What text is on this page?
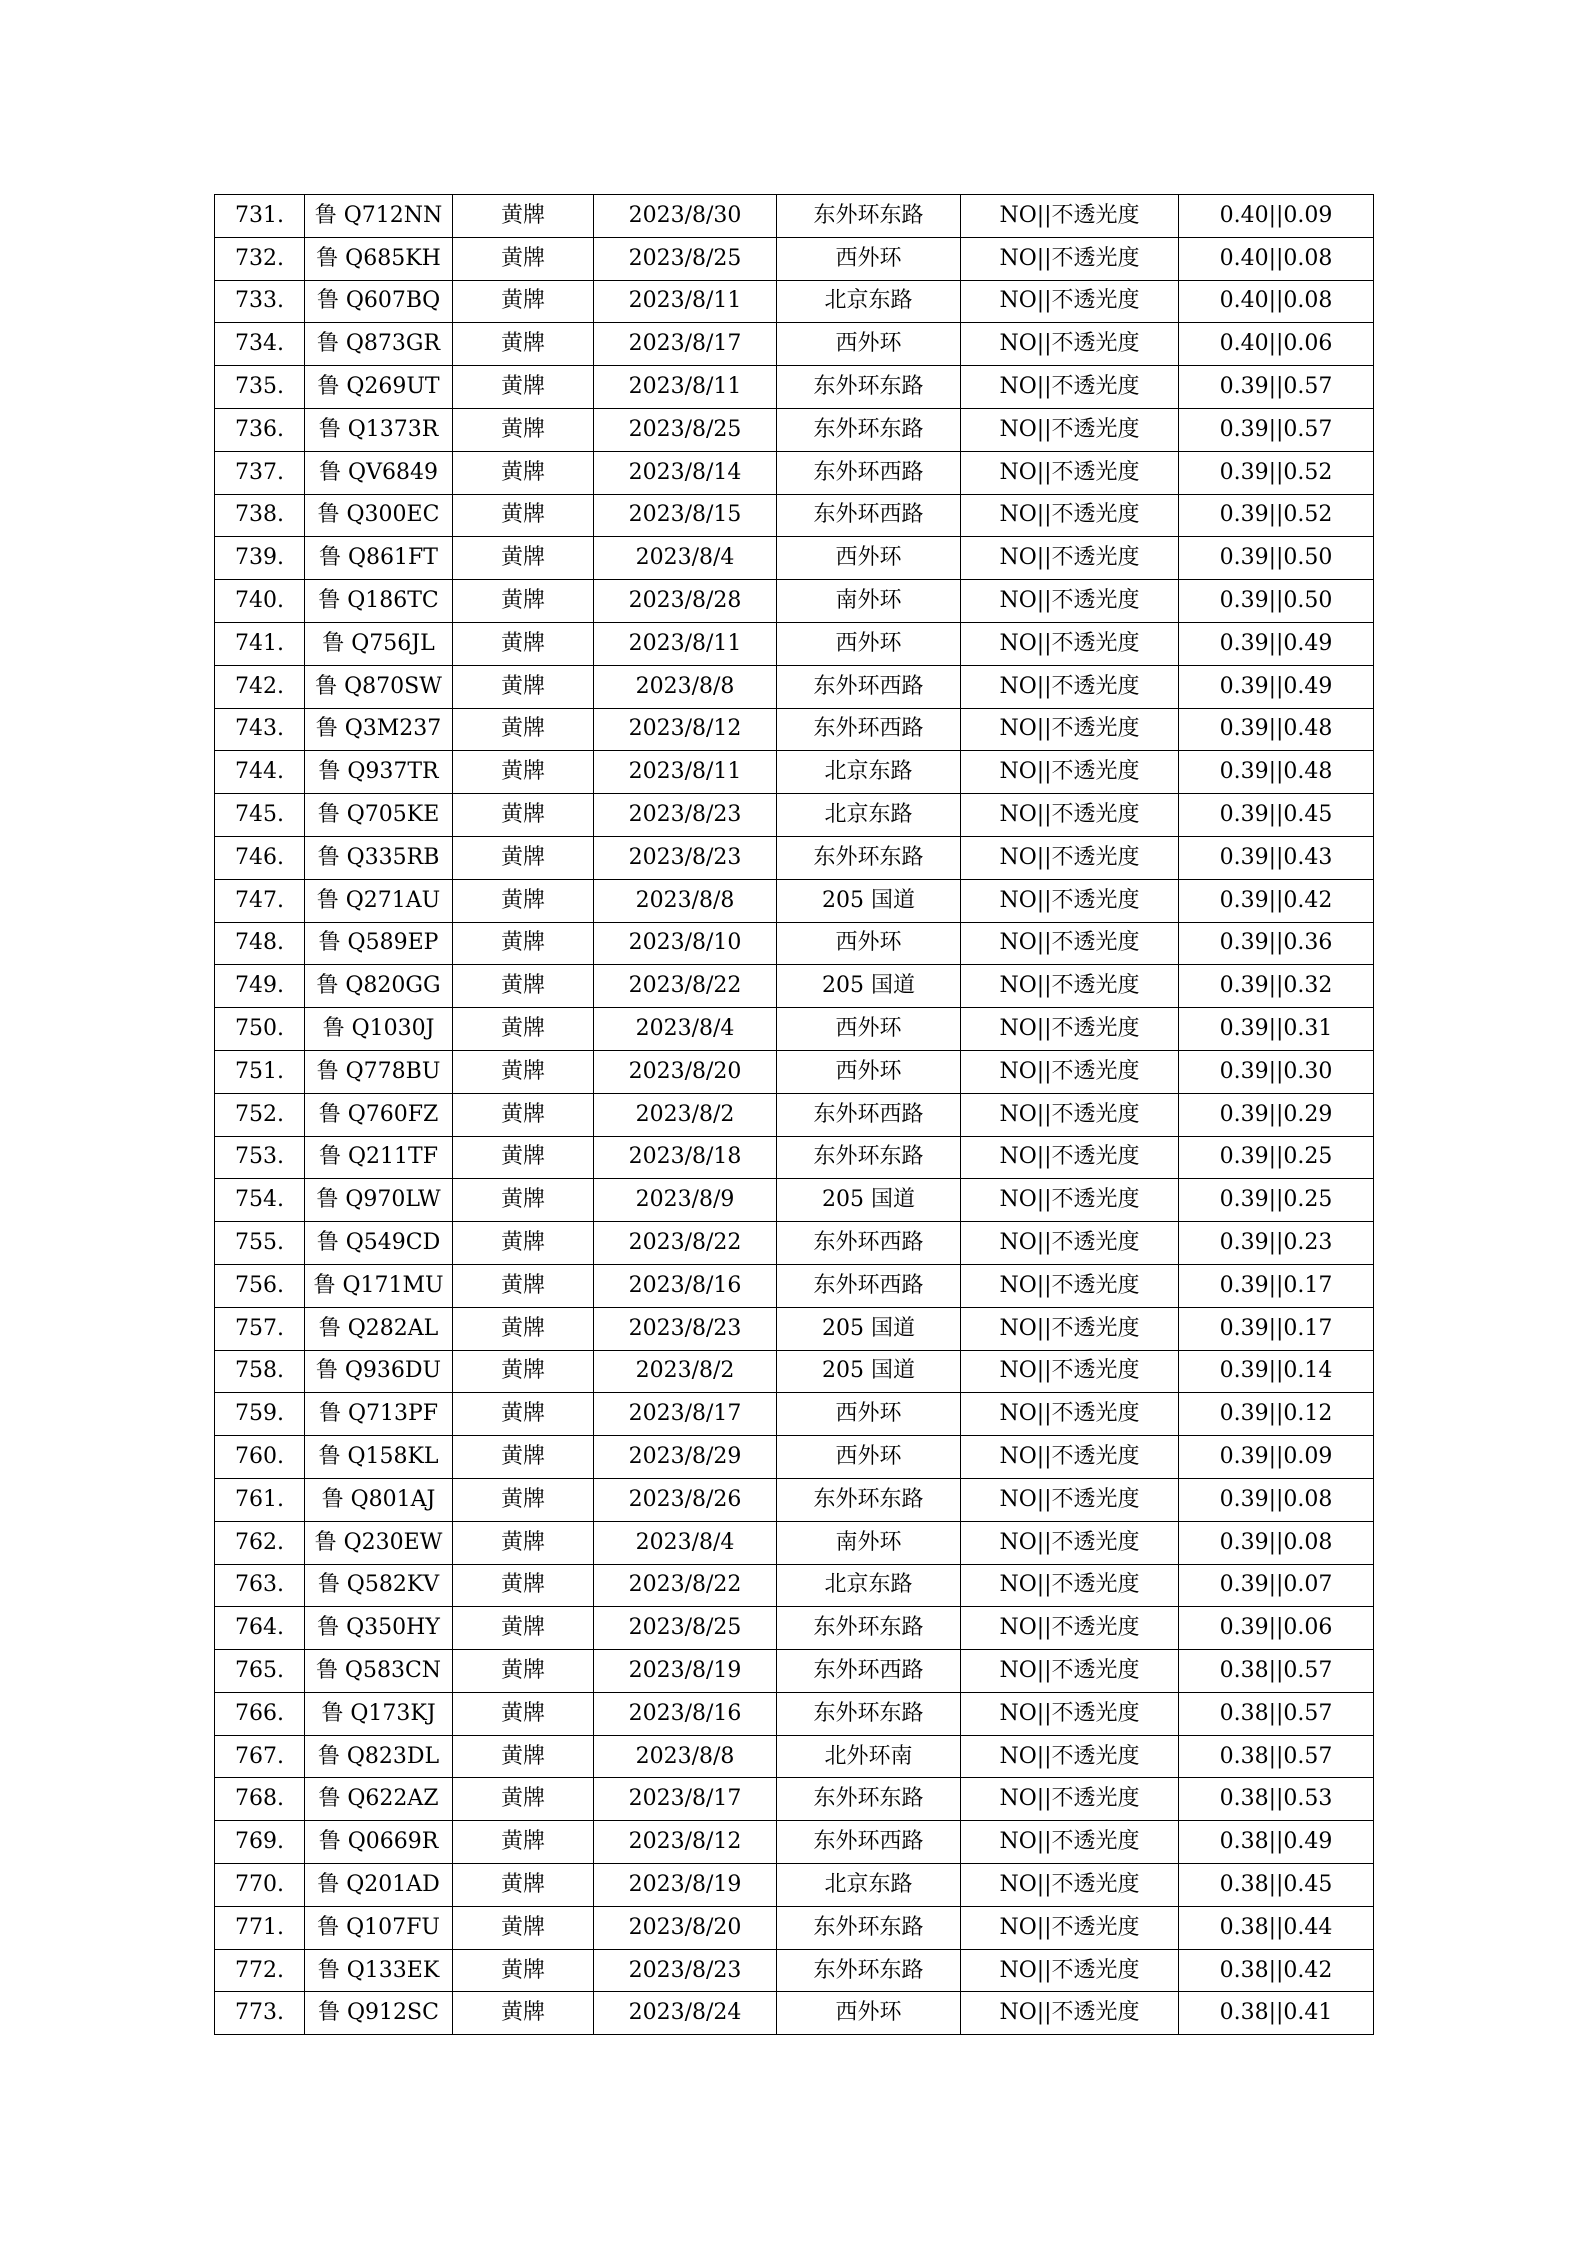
731.	鲁 Q712NN	黄牌	2023/8/30	东外环东路	NO||不透光度	0.40||0.09
732.	鲁 Q685KH	黄牌	2023/8/25	西外环	NO||不透光度	0.40||0.08
733.	鲁 Q607BQ	黄牌	2023/8/11	北京东路	NO||不透光度	0.40||0.08
734.	鲁 Q873GR	黄牌	2023/8/17	西外环	NO||不透光度	0.40||0.06
735.	鲁 Q269UT	黄牌	2023/8/11	东外环东路	NO||不透光度	0.39||0.57
736.	鲁 Q1373R	黄牌	2023/8/25	东外环东路	NO||不透光度	0.39||0.57
737.	鲁 QV6849	黄牌	2023/8/14	东外环西路	NO||不透光度	0.39||0.52
738.	鲁 Q300EC	黄牌	2023/8/15	东外环西路	NO||不透光度	0.39||0.52
739.	鲁 Q861FT	黄牌	2023/8/4	西外环	NO||不透光度	0.39||0.50
740.	鲁 Q186TC	黄牌	2023/8/28	南外环	NO||不透光度	0.39||0.50
741.	鲁 Q756JL	黄牌	2023/8/11	西外环	NO||不透光度	0.39||0.49
742.	鲁 Q870SW	黄牌	2023/8/8	东外环西路	NO||不透光度	0.39||0.49
743.	鲁 Q3M237	黄牌	2023/8/12	东外环西路	NO||不透光度	0.39||0.48
744.	鲁 Q937TR	黄牌	2023/8/11	北京东路	NO||不透光度	0.39||0.48
745.	鲁 Q705KE	黄牌	2023/8/23	北京东路	NO||不透光度	0.39||0.45
746.	鲁 Q335RB	黄牌	2023/8/23	东外环东路	NO||不透光度	0.39||0.43
747.	鲁 Q271AU	黄牌	2023/8/8	205 国道	NO||不透光度	0.39||0.42
748.	鲁 Q589EP	黄牌	2023/8/10	西外环	NO||不透光度	0.39||0.36
749.	鲁 Q820GG	黄牌	2023/8/22	205 国道	NO||不透光度	0.39||0.32
750.	鲁 Q1030J	黄牌	2023/8/4	西外环	NO||不透光度	0.39||0.31
751.	鲁 Q778BU	黄牌	2023/8/20	西外环	NO||不透光度	0.39||0.30
752.	鲁 Q760FZ	黄牌	2023/8/2	东外环西路	NO||不透光度	0.39||0.29
753.	鲁 Q211TF	黄牌	2023/8/18	东外环东路	NO||不透光度	0.39||0.25
754.	鲁 Q970LW	黄牌	2023/8/9	205 国道	NO||不透光度	0.39||0.25
755.	鲁 Q549CD	黄牌	2023/8/22	东外环西路	NO||不透光度	0.39||0.23
756.	鲁 Q171MU	黄牌	2023/8/16	东外环西路	NO||不透光度	0.39||0.17
757.	鲁 Q282AL	黄牌	2023/8/23	205 国道	NO||不透光度	0.39||0.17
758.	鲁 Q936DU	黄牌	2023/8/2	205 国道	NO||不透光度	0.39||0.14
759.	鲁 Q713PF	黄牌	2023/8/17	西外环	NO||不透光度	0.39||0.12
760.	鲁 Q158KL	黄牌	2023/8/29	西外环	NO||不透光度	0.39||0.09
761.	鲁 Q801AJ	黄牌	2023/8/26	东外环东路	NO||不透光度	0.39||0.08
762.	鲁 Q230EW	黄牌	2023/8/4	南外环	NO||不透光度	0.39||0.08
763.	鲁 Q582KV	黄牌	2023/8/22	北京东路	NO||不透光度	0.39||0.07
764.	鲁 Q350HY	黄牌	2023/8/25	东外环东路	NO||不透光度	0.39||0.06
765.	鲁 Q583CN	黄牌	2023/8/19	东外环西路	NO||不透光度	0.38||0.57
766.	鲁 Q173KJ	黄牌	2023/8/16	东外环东路	NO||不透光度	0.38||0.57
767.	鲁 Q823DL	黄牌	2023/8/8	北外环南	NO||不透光度	0.38||0.57
768.	鲁 Q622AZ	黄牌	2023/8/17	东外环东路	NO||不透光度	0.38||0.53
769.	鲁 Q0669R	黄牌	2023/8/12	东外环西路	NO||不透光度	0.38||0.49
770.	鲁 Q201AD	黄牌	2023/8/19	北京东路	NO||不透光度	0.38||0.45
771.	鲁 Q107FU	黄牌	2023/8/20	东外环东路	NO||不透光度	0.38||0.44
772.	鲁 Q133EK	黄牌	2023/8/23	东外环东路	NO||不透光度	0.38||0.42
773.	鲁 Q912SC	黄牌	2023/8/24	西外环	NO||不透光度	0.38||0.41
